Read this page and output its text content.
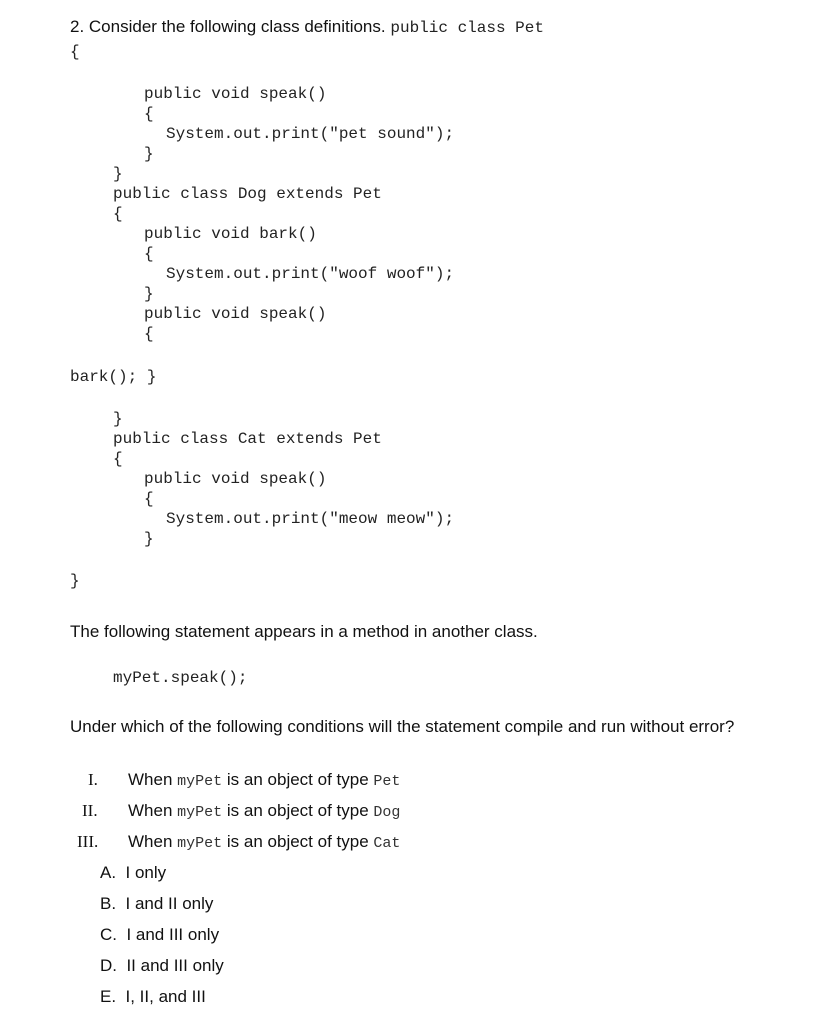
2. Consider the following class definitions. public class Pet
{
public void speak()
{
System.out.print("pet sound");
}
}
public class Dog extends Pet
{
public void bark()
{
System.out.print("woof woof");
}
public void speak()
{
bark(); }
}
public class Cat extends Pet
{
public void speak()
{
System.out.print("meow meow");
}
}
The following statement appears in a method in another class.
myPet.speak();
Under which of the following conditions will the statement compile and run without error?
I. When myPet is an object of type Pet
II. When myPet is an object of type Dog
III. When myPet is an object of type Cat
A. I only
B. I and II only
C. I and III only
D. II and III only
E. I, II, and III
